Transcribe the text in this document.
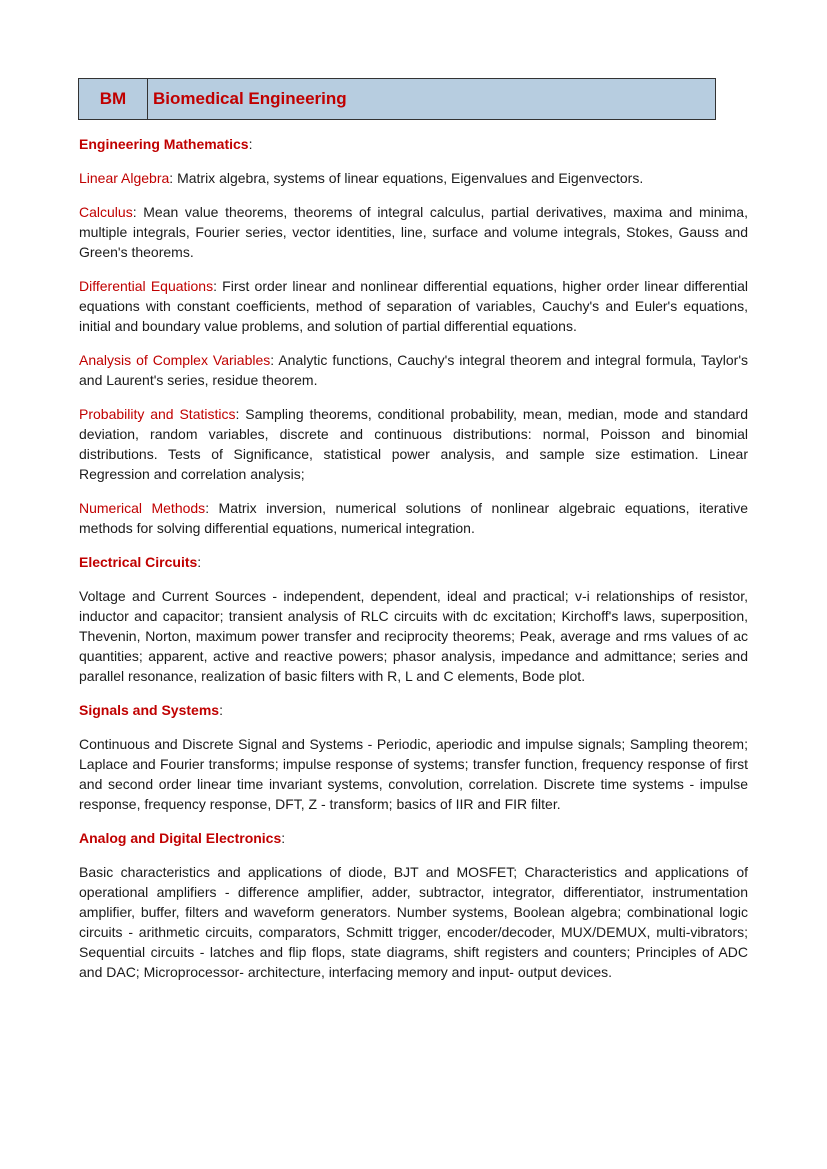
BM	Biomedical Engineering
Engineering Mathematics:

Linear Algebra: Matrix algebra, systems of linear equations, Eigenvalues and Eigenvectors.

Calculus: Mean value theorems, theorems of integral calculus, partial derivatives, maxima and minima, multiple integrals, Fourier series, vector identities, line, surface and volume integrals, Stokes, Gauss and Green's theorems.

Differential Equations: First order linear and nonlinear differential equations, higher order linear differential equations with constant coefficients, method of separation of variables, Cauchy's and Euler's equations, initial and boundary value problems, and solution of partial differential equations.

Analysis of Complex Variables: Analytic functions, Cauchy's integral theorem and integral formula, Taylor's and Laurent's series, residue theorem.

Probability and Statistics: Sampling theorems, conditional probability, mean, median, mode and standard deviation, random variables, discrete and continuous distributions: normal, Poisson and binomial distributions. Tests of Significance, statistical power analysis, and sample size estimation. Linear Regression and correlation analysis;

Numerical Methods: Matrix inversion, numerical solutions of nonlinear algebraic equations, iterative methods for solving differential equations, numerical integration.

Electrical Circuits:

Voltage and Current Sources - independent, dependent, ideal and practical; v-i relationships of resistor, inductor and capacitor; transient analysis of RLC circuits with dc excitation; Kirchoff's laws, superposition, Thevenin, Norton, maximum power transfer and reciprocity theorems; Peak, average and rms values of ac quantities; apparent, active and reactive powers; phasor analysis, impedance and admittance; series and parallel resonance, realization of basic filters with R, L and C elements, Bode plot.

Signals and Systems:

Continuous and Discrete Signal and Systems - Periodic, aperiodic and impulse signals; Sampling theorem; Laplace and Fourier transforms; impulse response of systems; transfer function, frequency response of first and second order linear time invariant systems, convolution, correlation. Discrete time systems - impulse response, frequency response, DFT, Z - transform; basics of IIR and FIR filter.

Analog and Digital Electronics:

Basic characteristics and applications of diode, BJT and MOSFET; Characteristics and applications of operational amplifiers - difference amplifier, adder, subtractor, integrator, differentiator, instrumentation amplifier, buffer, filters and waveform generators. Number systems, Boolean algebra; combinational logic circuits - arithmetic circuits, comparators, Schmitt trigger, encoder/decoder, MUX/DEMUX, multi-vibrators; Sequential circuits - latches and flip flops, state diagrams, shift registers and counters; Principles of ADC and DAC; Microprocessor- architecture, interfacing memory and input- output devices.
